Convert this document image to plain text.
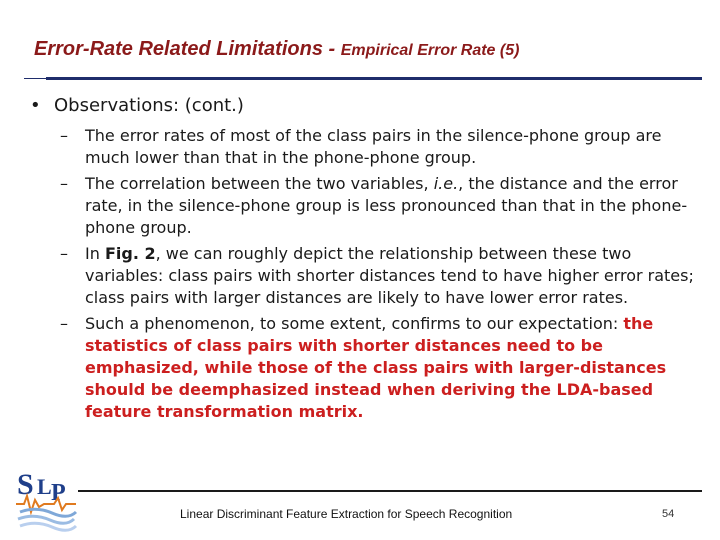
Error-Rate Related Limitations - Empirical Error Rate (5)
• Observations: (cont.)
– The error rates of most of the class pairs in the silence-phone group are much lower than that in the phone-phone group.
– The correlation between the two variables, i.e., the distance and the error rate, in the silence-phone group is less pronounced than that in the phone-phone group.
– In Fig. 2, we can roughly depict the relationship between these two variables: class pairs with shorter distances tend to have higher error rates; class pairs with larger distances are likely to have lower error rates.
– Such a phenomenon, to some extent, confirms to our expectation: the statistics of class pairs with shorter distances need to be emphasized, while those of the class pairs with larger-distances should be deemphasized instead when deriving the LDA-based feature transformation matrix.
S L P
Linear Discriminant Feature Extraction for Speech Recognition	54
